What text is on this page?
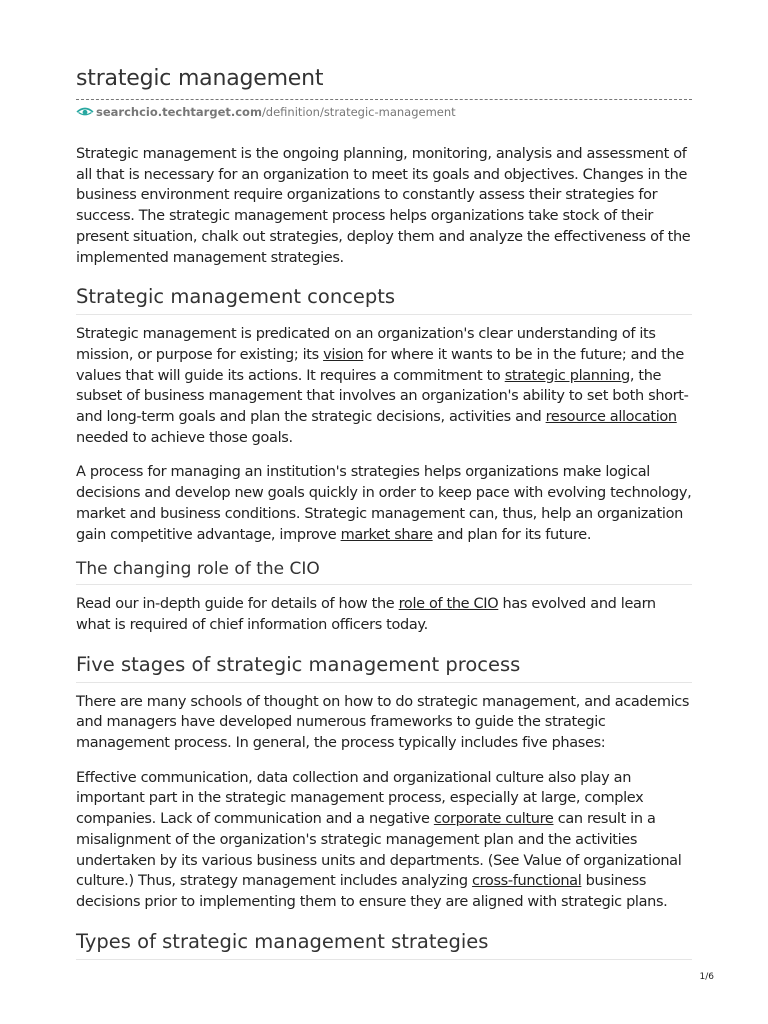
strategic management
searchcio.techtarget.com /definition/strategic-management

Strategic management is the ongoing planning, monitoring, analysis and assessment of all that is necessary for an organization to meet its goals and objectives. Changes in the business environment require organizations to constantly assess their strategies for success. The strategic management process helps organizations take stock of their present situation, chalk out strategies, deploy them and analyze the effectiveness of the implemented management strategies.

Strategic management concepts

Strategic management is predicated on an organization's clear understanding of its mission, or purpose for existing; its vision for where it wants to be in the future; and the values that will guide its actions. It requires a commitment to strategic planning, the subset of business management that involves an organization's ability to set both short- and long-term goals and plan the strategic decisions, activities and resource allocation needed to achieve those goals.

A process for managing an institution's strategies helps organizations make logical decisions and develop new goals quickly in order to keep pace with evolving technology, market and business conditions. Strategic management can, thus, help an organization gain competitive advantage, improve market share and plan for its future.

The changing role of the CIO

Read our in-depth guide for details of how the role of the CIO has evolved and learn what is required of chief information officers today.

Five stages of strategic management process

There are many schools of thought on how to do strategic management, and academics and managers have developed numerous frameworks to guide the strategic management process. In general, the process typically includes five phases:

Effective communication, data collection and organizational culture also play an important part in the strategic management process, especially at large, complex companies. Lack of communication and a negative corporate culture can result in a misalignment of the organization's strategic management plan and the activities undertaken by its various business units and departments. (See Value of organizational culture.) Thus, strategy management includes analyzing cross-functional business decisions prior to implementing them to ensure they are aligned with strategic plans.

Types of strategic management strategies
1/6
